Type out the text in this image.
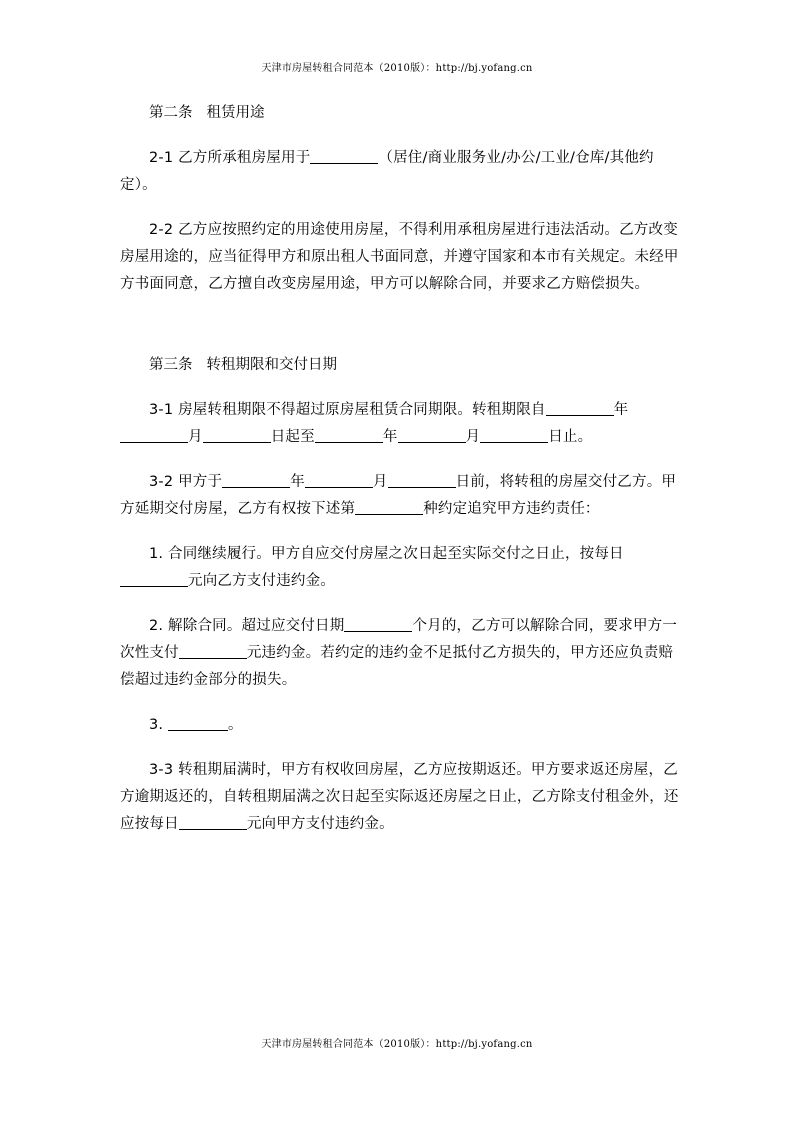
天津市房屋转租合同范本（2010版）：http://bj.yofang.cn

第二条 租赁用途

2-1 乙方所承租房屋用于	（居住/商业服务业/办公/工业/仓库/其他约定）。

2-2 乙方应按照约定的用途使用房屋，不得利用承租房屋进行违法活动。乙方改变房屋用途的，应当征得甲方和原出租人书面同意，并遵守国家和本市有关规定。未经甲方书面同意，乙方擅自改变房屋用途，甲方可以解除合同，并要求乙方赔偿损失。

第三条 转租期限和交付日期

3-1 房屋转租期限不得超过原房屋租赁合同期限。转租期限自	年月	日起至	年	月	日止。

3-2 甲方于	年	月	日前，将转租的房屋交付乙方。甲方延期交付房屋，乙方有权按下述第	种约定追究甲方违约责任：

1. 合同继续履行。甲方自应交付房屋之次日起至实际交付之日止，按每日元向乙方支付违约金。

2. 解除合同。超过应交付日期	个月的，乙方可以解除合同，要求甲方一次性支付	元违约金。若约定的违约金不足抵付乙方损失的，甲方还应负责赔偿超过违约金部分的损失。

3.	。

3-3 转租期届满时，甲方有权收回房屋，乙方应按期返还。甲方要求返还房屋，乙方逾期返还的，自转租期届满之次日起至实际返还房屋之日止，乙方除支付租金外，还应按每日	元向甲方支付违约金。

天津市房屋转租合同范本（2010版）：http://bj.yofang.cn
